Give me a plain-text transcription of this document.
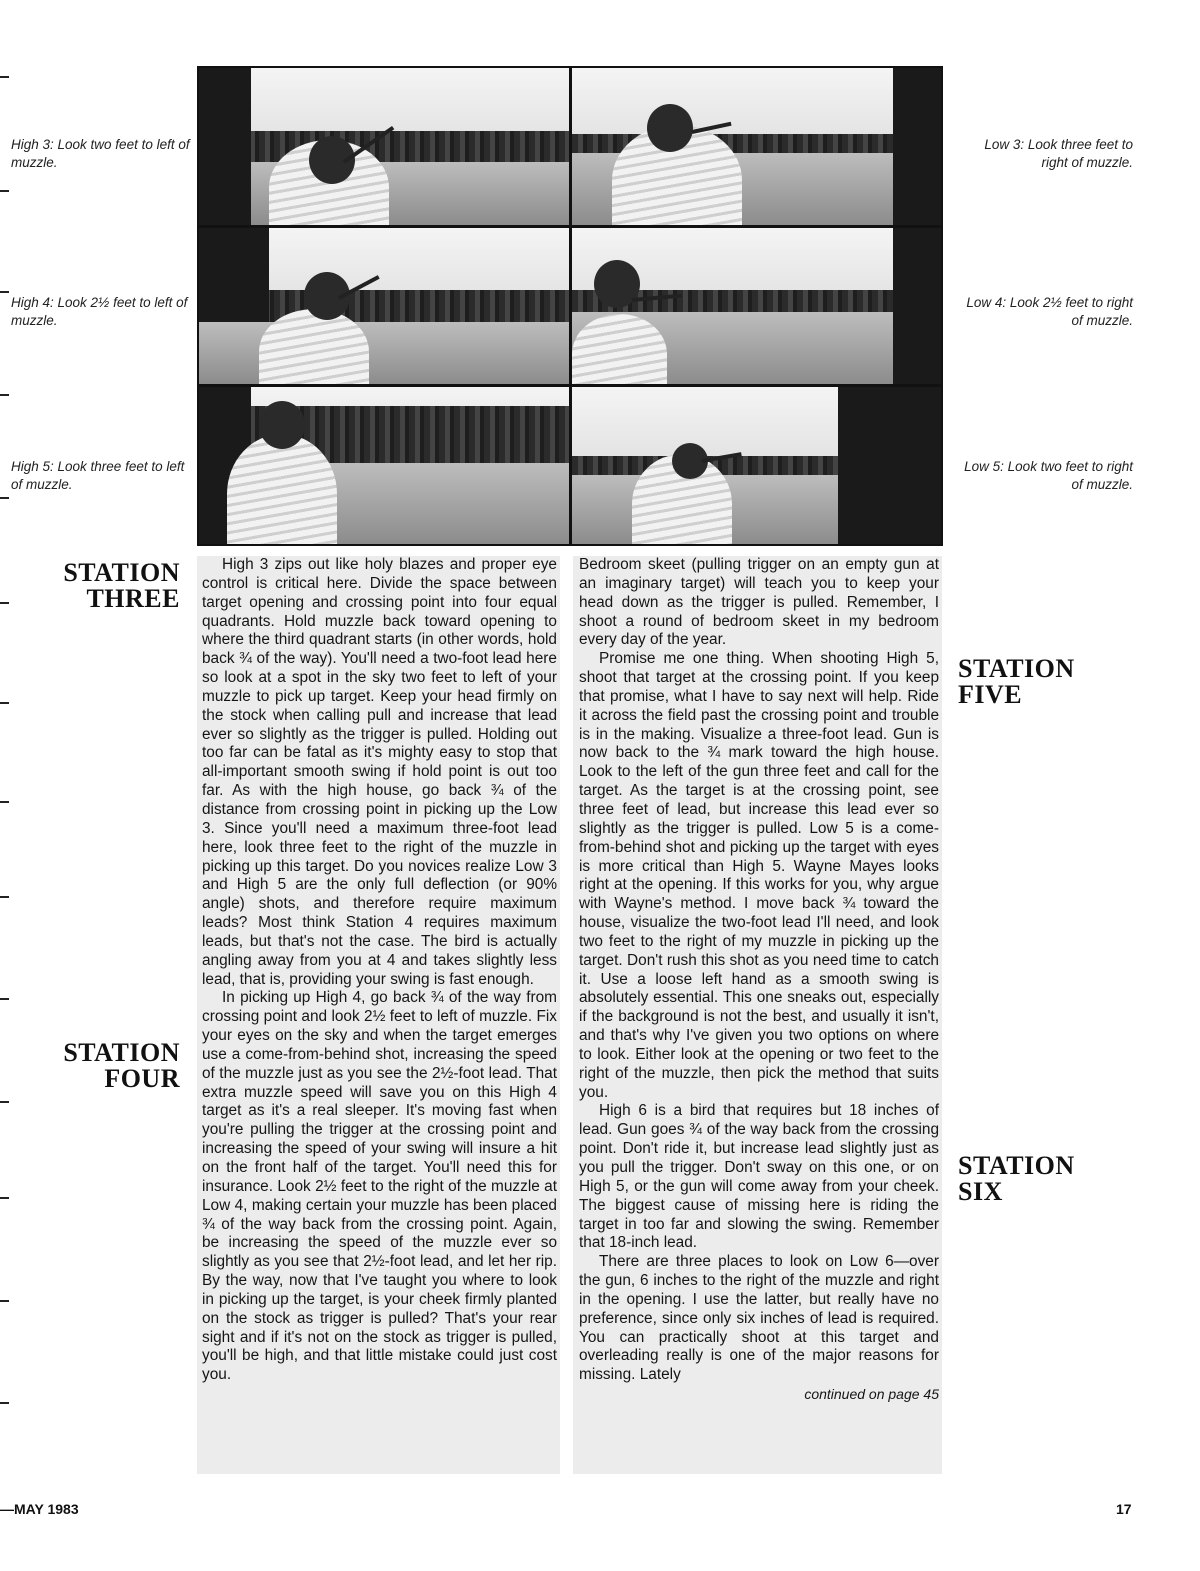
High 3: Look two feet to left of muzzle.
High 4: Look 2½ feet to left of muzzle.
High 5: Look three feet to left of muzzle.
Low 3: Look three feet to right of muzzle.
Low 4: Look 2½ feet to right of muzzle.
Low 5: Look two feet to right of muzzle.
STATION
THREE
STATION
FOUR
STATION
FIVE
STATION
SIX

High 3 zips out like holy blazes and proper eye control is critical here. Divide the space between target opening and crossing point into four equal quadrants. Hold muzzle back toward opening to where the third quadrant starts (in other words, hold back ¾ of the way). You'll need a two-foot lead here so look at a spot in the sky two feet to left of your muzzle to pick up target. Keep your head firmly on the stock when calling pull and increase that lead ever so slightly as the trigger is pulled. Holding out too far can be fatal as it's mighty easy to stop that all-important smooth swing if hold point is out too far. As with the high house, go back ¾ of the distance from crossing point in picking up the Low 3. Since you'll need a maximum three-foot lead here, look three feet to the right of the muzzle in picking up this target. Do you novices realize Low 3 and High 5 are the only full deflection (or 90% angle) shots, and therefore require maximum leads? Most think Station 4 requires maximum leads, but that's not the case. The bird is actually angling away from you at 4 and takes slightly less lead, that is, providing your swing is fast enough.

In picking up High 4, go back ¾ of the way from crossing point and look 2½ feet to left of muzzle. Fix your eyes on the sky and when the target emerges use a come-from-behind shot, increasing the speed of the muzzle just as you see the 2½-foot lead. That extra muzzle speed will save you on this High 4 target as it's a real sleeper. It's moving fast when you're pulling the trigger at the crossing point and increasing the speed of your swing will insure a hit on the front half of the target. You'll need this for insurance. Look 2½ feet to the right of the muzzle at Low 4, making certain your muzzle has been placed ¾ of the way back from the crossing point. Again, be increasing the speed of the muzzle ever so slightly as you see that 2½-foot lead, and let her rip. By the way, now that I've taught you where to look in picking up the target, is your cheek firmly planted on the stock as trigger is pulled? That's your rear sight and if it's not on the stock as trigger is pulled, you'll be high, and that little mistake could just cost you.

Bedroom skeet (pulling trigger on an empty gun at an imaginary target) will teach you to keep your head down as the trigger is pulled. Remember, I shoot a round of bedroom skeet in my bedroom every day of the year.

Promise me one thing. When shooting High 5, shoot that target at the crossing point. If you keep that promise, what I have to say next will help. Ride it across the field past the crossing point and trouble is in the making. Visualize a three-foot lead. Gun is now back to the ¾ mark toward the high house. Look to the left of the gun three feet and call for the target. As the target is at the crossing point, see three feet of lead, but increase this lead ever so slightly as the trigger is pulled. Low 5 is a come-from-behind shot and picking up the target with eyes is more critical than High 5. Wayne Mayes looks right at the opening. If this works for you, why argue with Wayne's method. I move back ¾ toward the house, visualize the two-foot lead I'll need, and look two feet to the right of my muzzle in picking up the target. Don't rush this shot as you need time to catch it. Use a loose left hand as a smooth swing is absolutely essential. This one sneaks out, especially if the background is not the best, and usually it isn't, and that's why I've given you two options on where to look. Either look at the opening or two feet to the right of the muzzle, then pick the method that suits you.

High 6 is a bird that requires but 18 inches of lead. Gun goes ¾ of the way back from the crossing point. Don't ride it, but increase lead slightly just as you pull the trigger. Don't sway on this one, or on High 5, or the gun will come away from your cheek. The biggest cause of missing here is riding the target in too far and slowing the swing. Remember that 18-inch lead.

There are three places to look on Low 6—over the gun, 6 inches to the right of the muzzle and right in the opening. I use the latter, but really have no preference, since only six inches of lead is required. You can practically shoot at this target and overleading really is one of the major reasons for missing. Lately

continued on page 45
—MAY 1983	17
